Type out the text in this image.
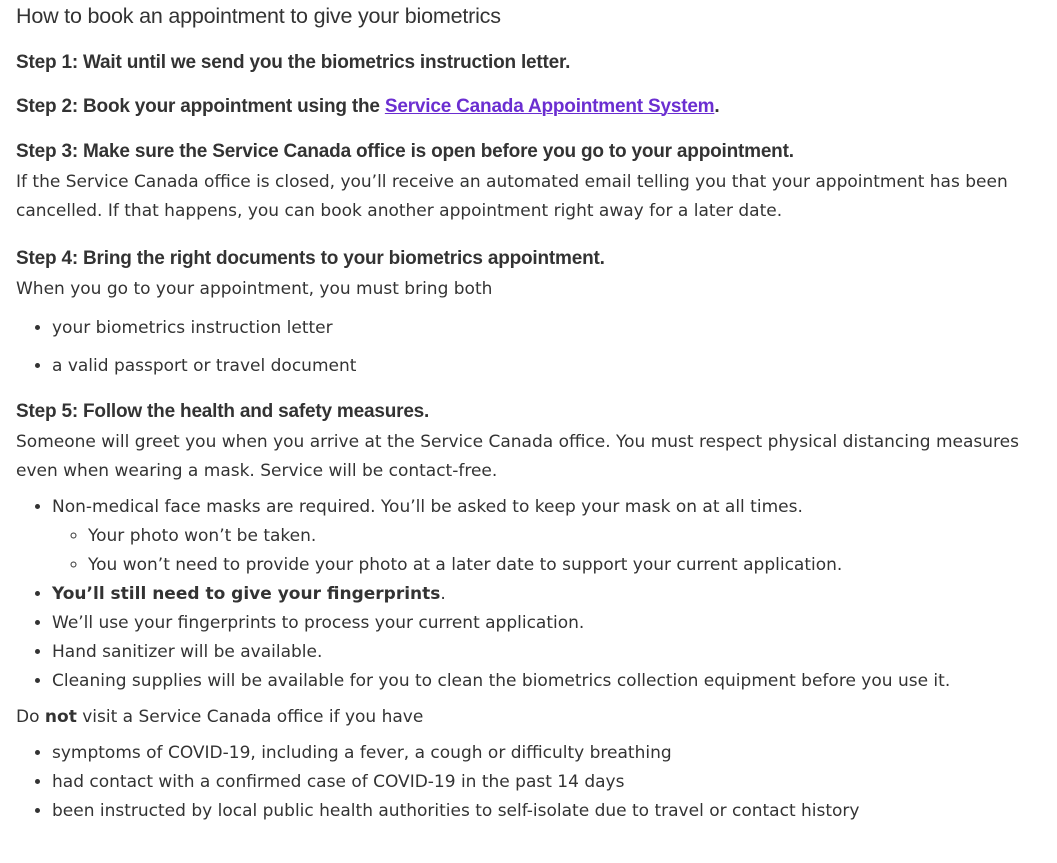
How to book an appointment to give your biometrics
Step 1: Wait until we send you the biometrics instruction letter.
Step 2: Book your appointment using the Service Canada Appointment System.
Step 3: Make sure the Service Canada office is open before you go to your appointment.

If the Service Canada office is closed, you’ll receive an automated email telling you that your appointment has been cancelled. If that happens, you can book another appointment right away for a later date.

Step 4: Bring the right documents to your biometrics appointment.

When you go to your appointment, you must bring both

• your biometrics instruction letter
• a valid passport or travel document
Step 5: Follow the health and safety measures.

Someone will greet you when you arrive at the Service Canada office. You must respect physical distancing measures even when wearing a mask. Service will be contact-free.

• Non-medical face masks are required. You’ll be asked to keep your mask on at all times.
◦ Your photo won’t be taken.
◦ You won’t need to provide your photo at a later date to support your current application.
• You’ll still need to give your fingerprints.
• We’ll use your fingerprints to process your current application.
• Hand sanitizer will be available.
• Cleaning supplies will be available for you to clean the biometrics collection equipment before you use it.

Do not visit a Service Canada office if you have

• symptoms of COVID-19, including a fever, a cough or difficulty breathing
• had contact with a confirmed case of COVID-19 in the past 14 days
• been instructed by local public health authorities to self-isolate due to travel or contact history
